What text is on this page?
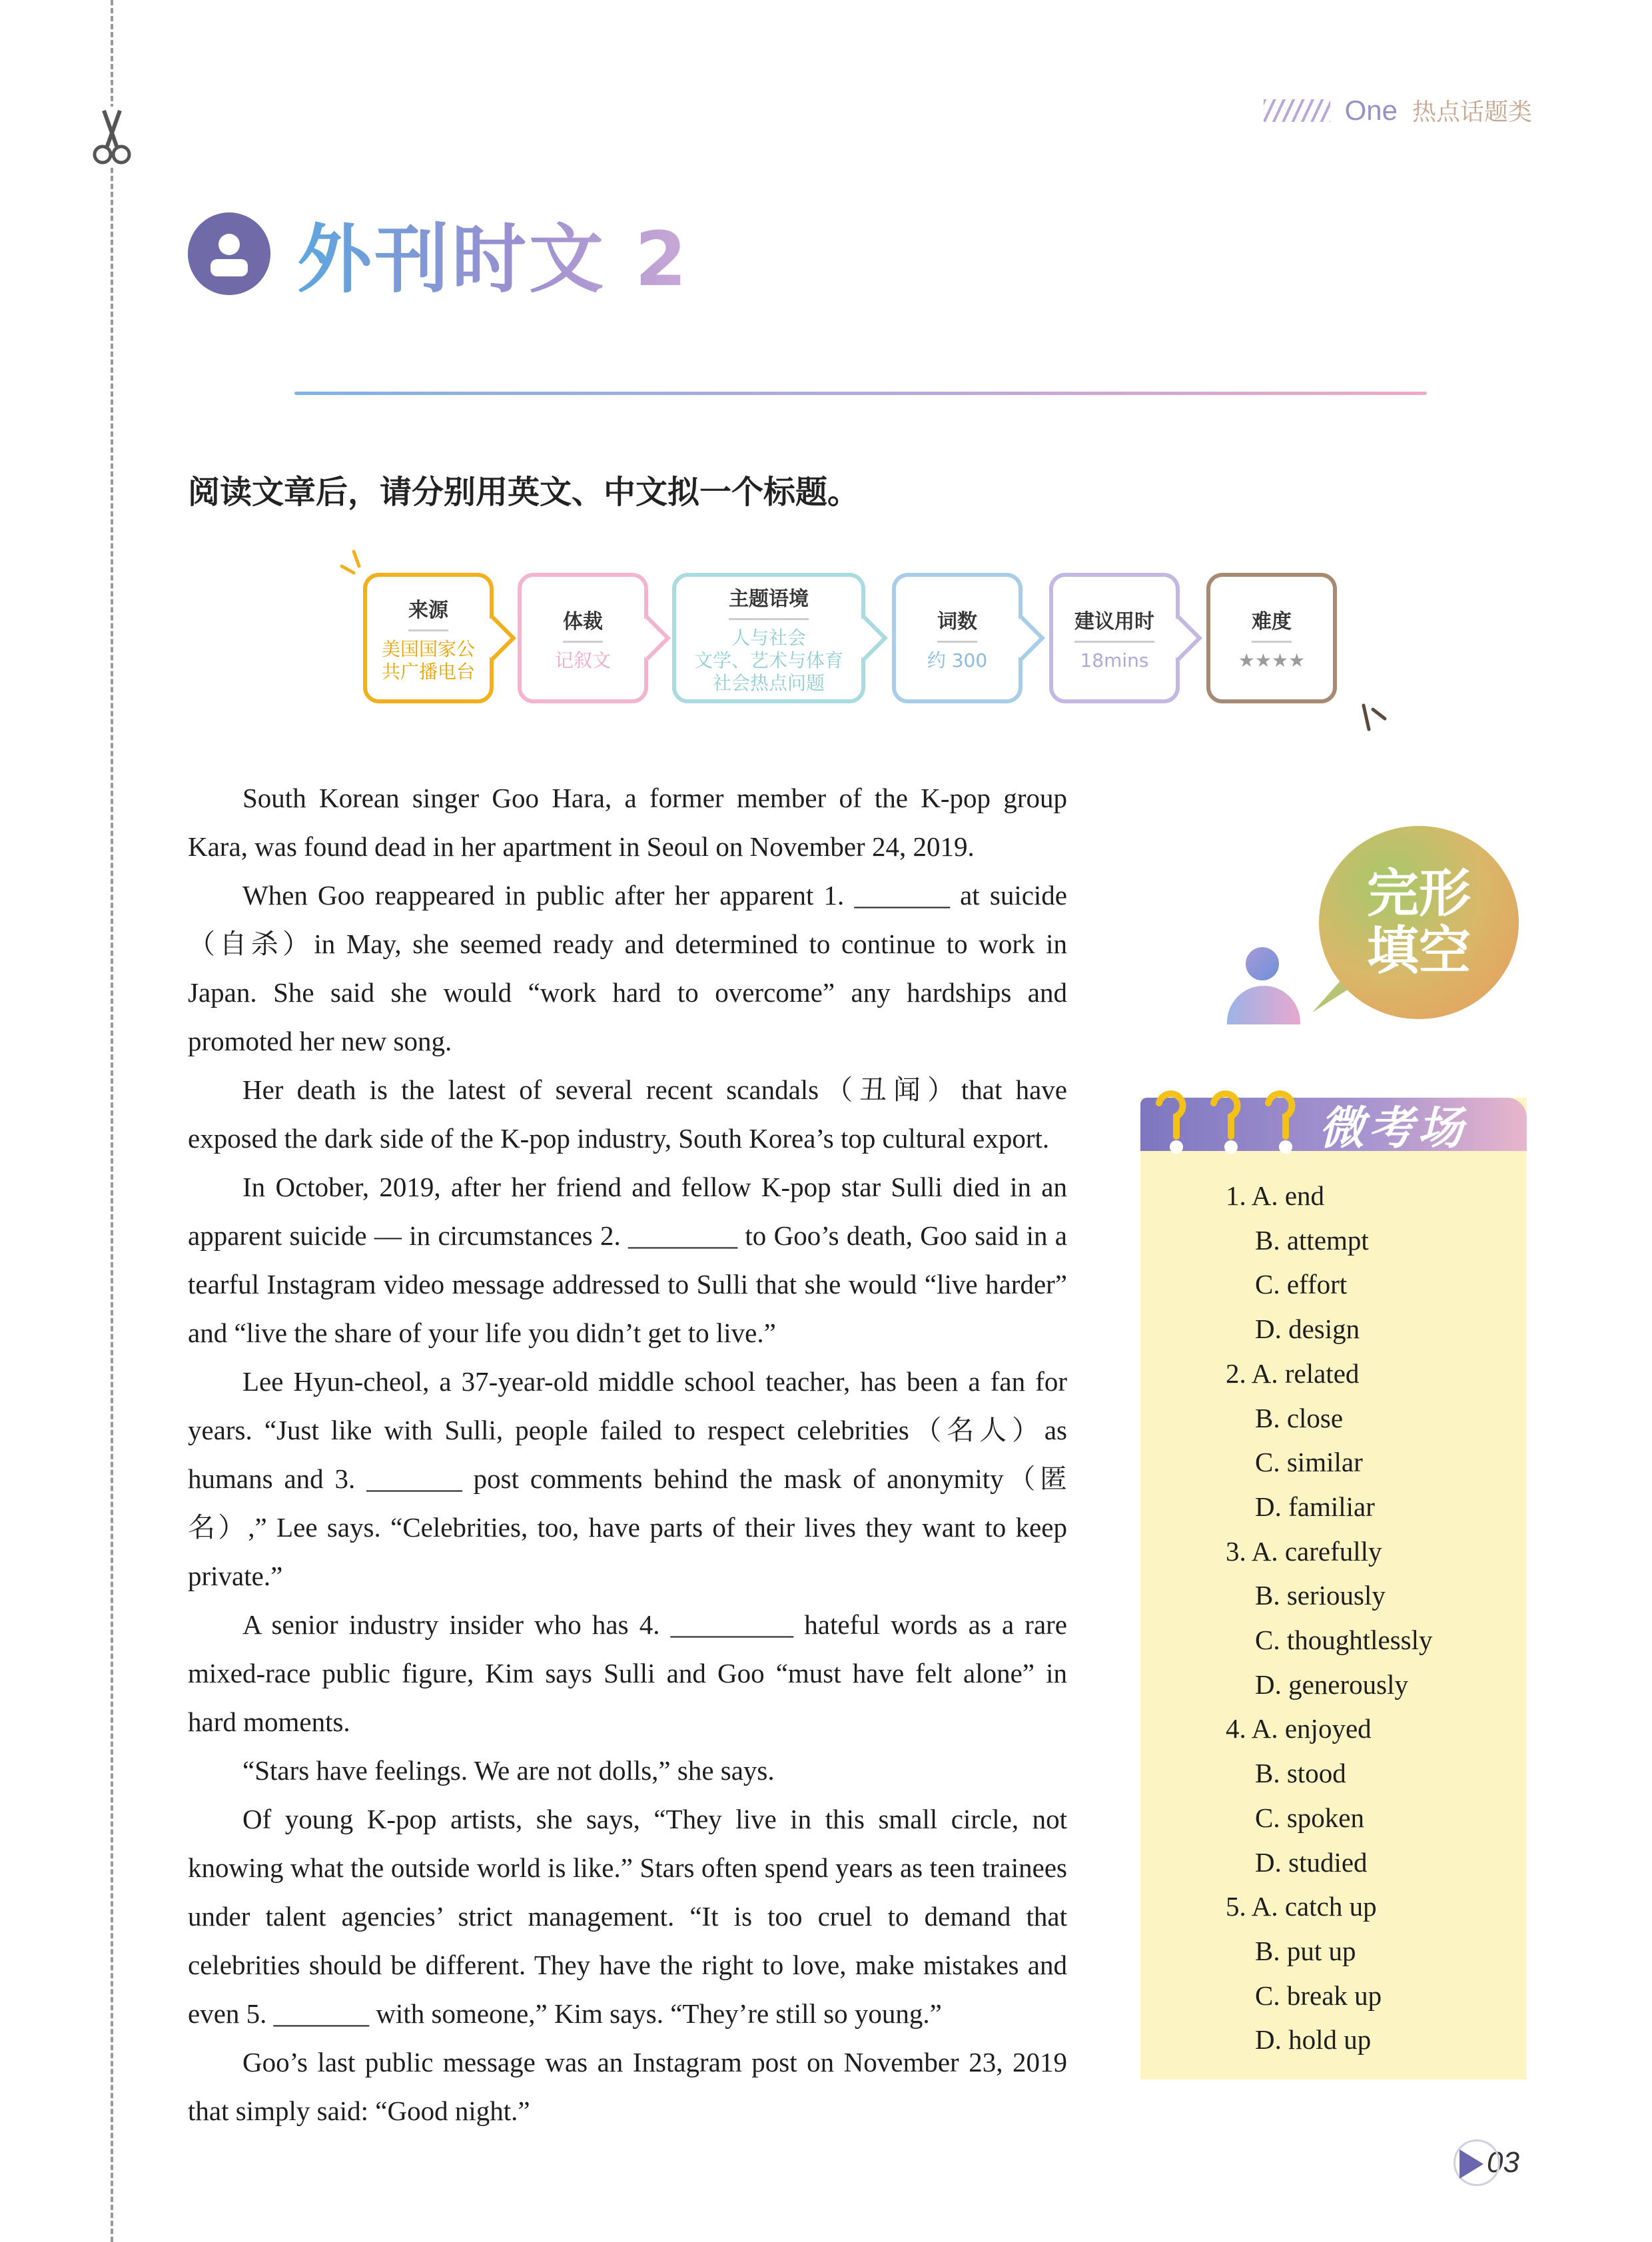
One 热点话题类
外刊时文 2
阅读文章后，请分别用英文、中文拟一个标题。
来源
美国国家公
共广播电台
体裁
记叙文
主题语境
人与社会
文学、艺术与体育
社会热点问题
词数
约 300
建议用时
18mins
难度
★★★★

South Korean singer Goo Hara, a former member of the K-pop group Kara, was found dead in her apartment in Seoul on November 24, 2019.

When Goo reappeared in public after her apparent 1. _______ at suicide（自杀）in May, she seemed ready and determined to continue to work in Japan. She said she would “work hard to overcome” any hardships and promoted her new song.

Her death is the latest of several recent scandals（丑闻）that have exposed the dark side of the K-pop industry, South Korea’s top cultural export.

In October, 2019, after her friend and fellow K-pop star Sulli died in an apparent suicide — in circumstances 2. ________ to Goo’s death, Goo said in a tearful Instagram video message addressed to Sulli that she would “live harder” and “live the share of your life you didn’t get to live.”

Lee Hyun-cheol, a 37-year-old middle school teacher, has been a fan for years. “Just like with Sulli, people failed to respect celebrities（名人）as humans and 3. _______ post comments behind the mask of anonymity（匿名）,” Lee says. “Celebrities, too, have parts of their lives they want to keep private.”

A senior industry insider who has 4. _________ hateful words as a rare mixed-race public figure, Kim says Sulli and Goo “must have felt alone” in hard moments.

“Stars have feelings. We are not dolls,” she says.

Of young K-pop artists, she says, “They live in this small circle, not knowing what the outside world is like.” Stars often spend years as teen trainees under talent agencies’ strict management. “It is too cruel to demand that celebrities should be different. They have the right to love, make mistakes and even 5. _______ with someone,” Kim says. “They’re still so young.”

Goo’s last public message was an Instagram post on November 23, 2019 that simply said: “Good night.”

完形
填空
微考场
1. A. end
B. attempt
C. effort
D. design
2. A. related
B. close
C. similar
D. familiar
3. A. carefully
B. seriously
C. thoughtlessly
D. generously
4. A. enjoyed
B. stood
C. spoken
D. studied
5. A. catch up
B. put up
C. break up
D. hold up
03
